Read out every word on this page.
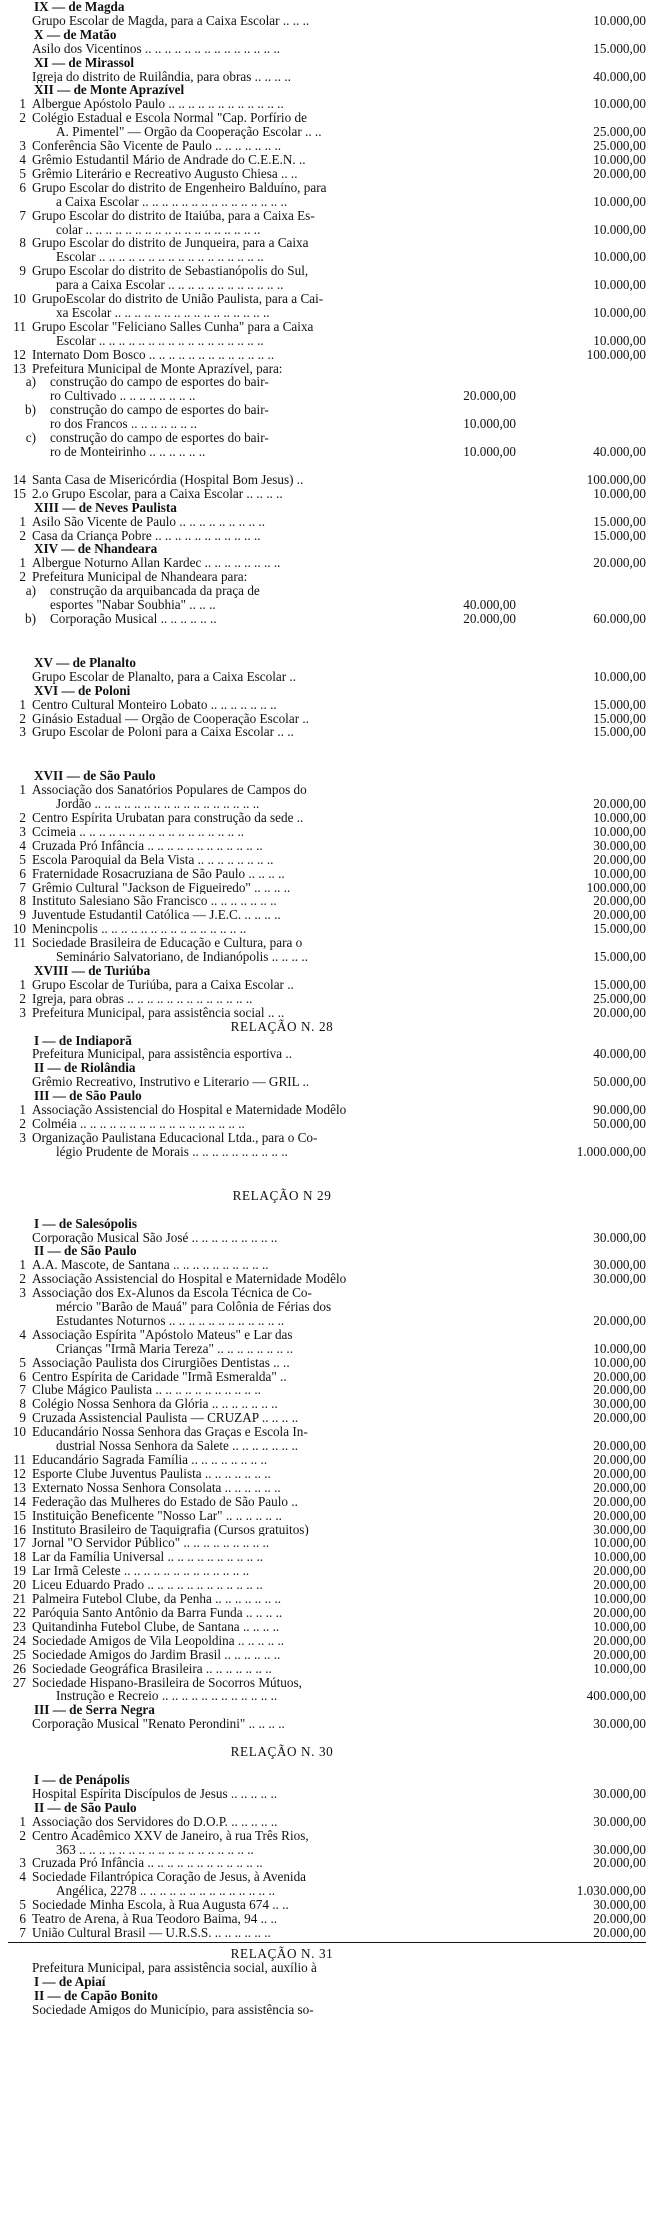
IX — de Magda
Grupo Escolar de Magda, para a Caixa Escolar .. .. ..	10.000,00
X — de Matão
Asilo dos Vicentinos .. .. .. .. .. .. .. .. .. .. .. .. .. ..	15.000,00
XI — de Mirassol
Igreja do distrito de Ruilândia, para obras .. .. .. ..	40.000,00
XII — de Monte Aprazível
1 Albergue Apóstolo Paulo .. .. .. .. .. .. .. .. .. .. .. ..	10.000,00
2 Colégio Estadual e Escola Normal "Cap. Porfírio de
A. Pimentel" — Orgão da Cooperação Escolar .. ..	25.000,00
3 Conferência São Vicente de Paulo .. .. .. .. .. .. ..	25.000,00
4 Grêmio Estudantil Mário de Andrade do C.E.E.N. ..	10.000,00
5 Grêmio Literário e Recreativo Augusto Chiesa .. ..	20.000,00
6 Grupo Escolar do distrito de Engenheiro Balduíno, para
a Caixa Escolar .. .. .. .. .. .. .. .. .. .. .. .. .. .. ..	10.000,00
7 Grupo Escolar do distrito de Itaiúba, para a Caixa Es-
colar .. .. .. .. .. .. .. .. .. .. .. .. .. .. .. .. .. ..	10.000,00
8 Grupo Escolar do distrito de Junqueira, para a Caixa
Escolar .. .. .. .. .. .. .. .. .. .. .. .. .. .. .. .. ..	10.000,00
9 Grupo Escolar do distrito de Sebastianópolis do Sul,
para a Caixa Escolar .. .. .. .. .. .. .. .. .. .. .. ..	10.000,00
10 GrupoEscolar do distrito de União Paulista, para a Cai-
xa Escolar .. .. .. .. .. .. .. .. .. .. .. .. .. .. .. ..	10.000,00
11 Grupo Escolar "Feliciano Salles Cunha" para a Caixa
Escolar .. .. .. .. .. .. .. .. .. .. .. .. .. .. .. .. ..	10.000,00
12 Internato Dom Bosco .. .. .. .. .. .. .. .. .. .. .. .. ..	100.000,00
13 Prefeitura Municipal de Monte Aprazível, para:
a)	construção do campo de esportes do bair-
ro Cultivado .. .. .. .. .. .. .. ..	20.000,00
b)	construção do campo de esportes do bair-
ro dos Francos .. .. .. .. .. .. ..	10.000,00
c)	construção do campo de esportes do bair-
ro de Monteirinho .. .. .. .. .. ..	10.000,00	40.000,00
14 Santa Casa de Misericórdia (Hospital Bom Jesus) ..	100.000,00
15 2.o Grupo Escolar, para a Caixa Escolar .. .. .. ..	10.000,00
XIII — de Neves Paulista
1 Asilo São Vicente de Paulo .. .. .. .. .. .. .. .. ..	15.000,00
2 Casa da Criança Pobre .. .. .. .. .. .. .. .. .. .. ..	15.000,00
XIV — de Nhandeara
1 Albergue Noturno Allan Kardec .. .. .. .. .. .. .. ..	20.000,00
2 Prefeitura Municipal de Nhandeara para:
a)	construção da arquibancada da praça de
esportes "Nabar Soubhia" .. .. ..	40.000,00
b)	Corporação Musical .. .. .. .. .. ..	20.000,00	60.000,00
XV — de Planalto
Grupo Escolar de Planalto, para a Caixa Escolar ..	10.000,00
XVI — de Poloni
1 Centro Cultural Monteiro Lobato .. .. .. .. .. .. ..	15.000,00
2 Ginásio Estadual — Orgão de Cooperação Escolar ..	15.000,00
3 Grupo Escolar de Poloni para a Caixa Escolar .. ..	15.000,00
XVII — de São Paulo
1 Associação dos Sanatórios Populares de Campos do
Jordão .. .. .. .. .. .. .. .. .. .. .. .. .. .. .. .. ..	20.000,00
2 Centro Espírita Urubatan para construção da sede ..	10.000,00
3 Ccimeia .. .. .. .. .. .. .. .. .. .. .. .. .. .. .. .. ..	10.000,00
4 Cruzada Pró Infância .. .. .. .. .. .. .. .. .. .. .. ..	30.000,00
5 Escola Paroquial da Bela Vista .. .. .. .. .. .. .. ..	20.000,00
6 Fraternidade Rosacruziana de São Paulo .. .. .. ..	10.000,00
7 Grêmio Cultural "Jackson de Figueiredo" .. .. .. ..	100.000,00
8 Instituto Salesiano São Francisco .. .. .. .. .. .. ..	20.000,00
9 Juventude Estudantil Católica — J.E.C. .. .. .. ..	20.000,00
10 Menincpolis .. .. .. .. .. .. .. .. .. .. .. .. .. .. ..	15.000,00
11 Sociedade Brasileira de Educação e Cultura, para o
Seminário Salvatoriano, de Indianópolis .. .. .. ..	15.000,00
XVIII — de Turiúba
1 Grupo Escolar de Turiúba, para a Caixa Escolar ..	15.000,00
2 Igreja, para obras .. .. .. .. .. .. .. .. .. .. .. .. ..	25.000,00
3 Prefeitura Municipal, para assistência social .. ..	20.000,00
RELAÇÃO N. 28
I — de Indiaporã
Prefeitura Municipal, para assistência esportiva ..	40.000,00
II — de Riolândia
Grêmio Recreativo, Instrutivo e Literario — GRIL ..	50.000,00
III — de São Paulo
1 Associação Assistencial do Hospital e Maternidade Modêlo	90.000,00
2 Colméia .. .. .. .. .. .. .. .. .. .. .. .. .. .. .. .. ..	50.000,00
3 Organização Paulistana Educacional Ltda., para o Co-
légio Prudente de Morais .. .. .. .. .. .. .. .. .. ..	1.000.000,00
RELAÇÃO N 29
I — de Salesópolis
Corporação Musical São José .. .. .. .. .. .. .. .. ..	30.000,00
II — de São Paulo
1 A.A. Mascote, de Santana .. .. .. .. .. .. .. .. .. ..	30.000,00
2 Associação Assistencial do Hospital e Maternidade Modêlo	30.000,00
3 Associação dos Ex-Alunos da Escola Técnica de Co-
mércio "Barão de Mauá" para Colônia de Férias dos
Estudantes Noturnos .. .. .. .. .. .. .. .. .. .. .. ..	20.000,00
4 Associação Espírita "Apóstolo Mateus" e Lar das
Crianças "Irmã Maria Tereza" .. .. .. .. .. .. .. ..	10.000,00
5 Associação Paulista dos Cirurgiões Dentistas .. ..	10.000,00
6 Centro Espírita de Caridade "Irmã Esmeralda" ..	20.000,00
7 Clube Mágico Paulista .. .. .. .. .. .. .. .. .. .. ..	20.000,00
8 Colégio Nossa Senhora da Glória .. .. .. .. .. .. ..	30.000,00
9 Cruzada Assistencial Paulista — CRUZAP .. .. .. ..	20.000,00
10 Educandário Nossa Senhora das Graças e Escola In-
dustrial Nossa Senhora da Salete .. .. .. .. .. .. ..	20.000,00
11 Educandário Sagrada Família .. .. .. .. .. .. .. ..	20.000,00
12 Esporte Clube Juventus Paulista .. .. .. .. .. .. ..	20.000,00
13 Externato Nossa Senhora Consolata .. .. .. .. .. ..	20.000,00
14 Federação das Mulheres do Estado de São Paulo ..	20.000,00
15 Instituição Beneficente "Nosso Lar" .. .. .. .. .. ..	20.000,00
16 Instituto Brasileiro de Taquigrafia (Cursos gratuitos)	30.000,00
17 Jornal "O Servidor Público" .. .. .. .. .. .. .. .. ..	10.000,00
18 Lar da Família Universal .. .. .. .. .. .. .. .. .. ..	10.000,00
19 Lar Irmã Celeste .. .. .. .. .. .. .. .. .. .. .. .. ..	20.000,00
20 Liceu Eduardo Prado .. .. .. .. .. .. .. .. .. .. .. ..	20.000,00
21 Palmeira Futebol Clube, da Penha .. .. .. .. .. .. ..	10.000,00
22 Paróquia Santo Antônio da Barra Funda .. .. .. ..	20.000,00
23 Quitandinha Futebol Clube, de Santana .. .. .. ..	10.000,00
24 Sociedade Amigos de Vila Leopoldina .. .. .. .. ..	20.000,00
25 Sociedade Amigos do Jardim Brasil .. .. .. .. .. ..	20.000,00
26 Sociedade Geográfica Brasileira .. .. .. .. .. .. ..	10.000,00
27 Sociedade Hispano-Brasileira de Socorros Mútuos,
Instrução e Recreio .. .. .. .. .. .. .. .. .. .. .. ..	400.000,00
III — de Serra Negra
Corporação Musical "Renato Perondini" .. .. .. ..	30.000,00
RELAÇÃO N. 30
I — de Penápolis
Hospital Espírita Discípulos de Jesus .. .. .. .. ..	30.000,00
II — de São Paulo
1 Associação dos Servidores do D.O.P. .. .. .. .. ..	30.000,00
2 Centro Acadêmico XXV de Janeiro, à rua Três Rios,
363 .. .. .. .. .. .. .. .. .. .. .. .. .. .. .. .. .. ..	30.000,00
3 Cruzada Pró Infância .. .. .. .. .. .. .. .. .. .. .. ..	20.000,00
4 Sociedade Filantrópica Coração de Jesus, à Avenida
Angélica, 2278 .. .. .. .. .. .. .. .. .. .. .. .. .. ..	1.030.000,00
5 Sociedade Minha Escola, à Rua Augusta 674 .. ..	30.000,00
6 Teatro de Arena, à Rua Teodoro Baima, 94 .. ..	20.000,00
7 União Cultural Brasil — U.R.S.S. .. .. .. .. .. ..	20.000,00
RELAÇÃO N. 31
Prefeitura Municipal, para assistência social, auxílio à
I — de Apiaí
II — de Capão Bonito
Sociedade Amigos do Município, para assistência so-
